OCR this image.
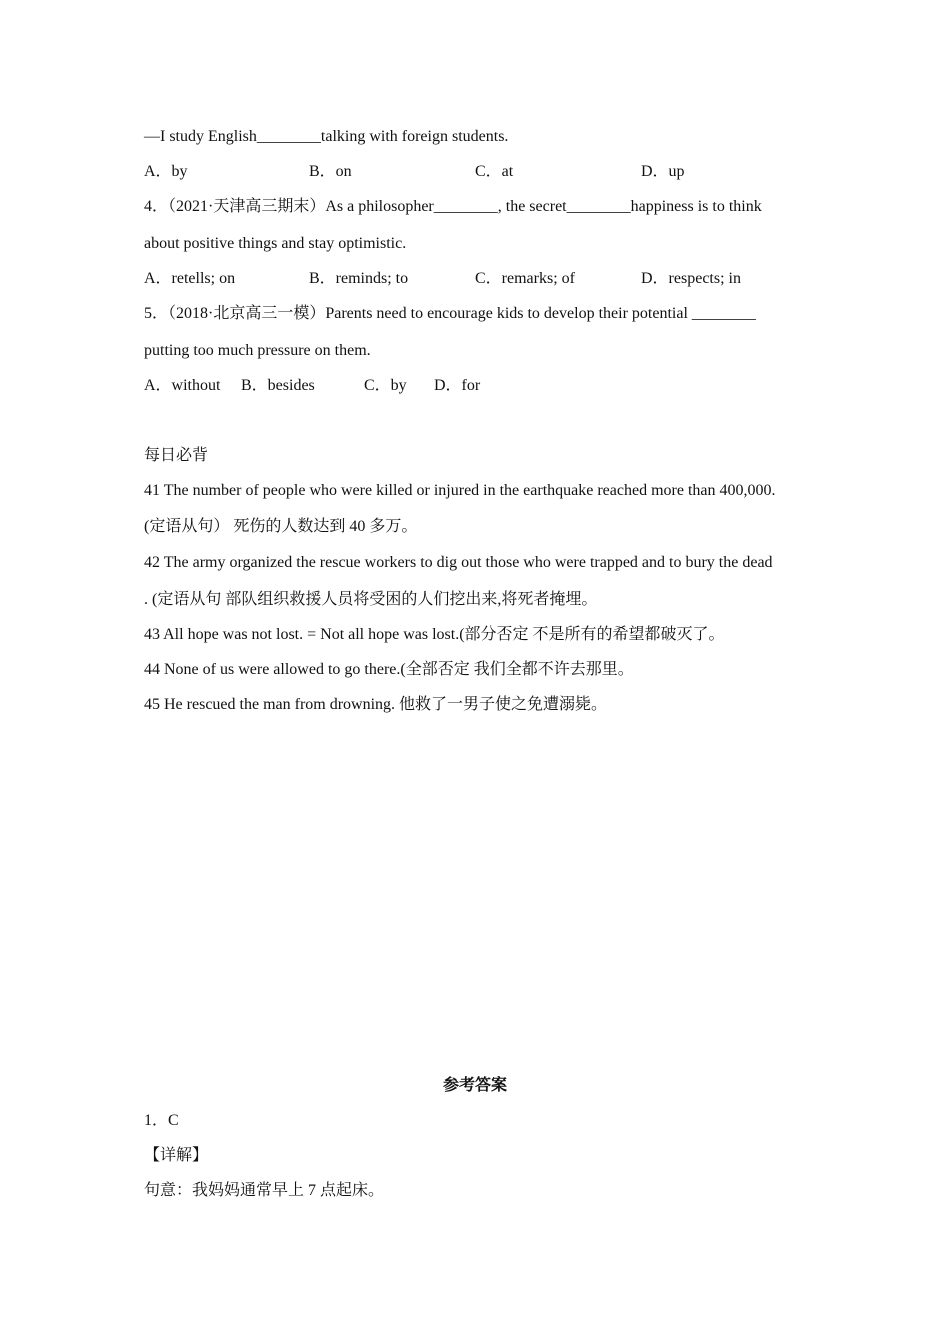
—I study English________talking with foreign students.
A．by	B．on	C．at	D．up
4．（2021·天津高三期末）As a philosopher________, the secret________happiness is to think
about positive things and stay optimistic.
A．retells; on	B．reminds; to	C．remarks; of	D．respects; in
5．（2018·北京高三一模）Parents need to encourage kids to develop their potential ________
putting too much pressure on them.
A．without B．besides	C．by D．for
每日必背
41 The number of people who were killed or injured in the earthquake reached more than 400,000.
(定语从句） 死伤的人数达到 40 多万。
42 The army organized the rescue workers to dig out those who were trapped and to bury the dead
. (定语从句 部队组织救援人员将受困的人们挖出来,将死者掩埋。
43 All hope was not lost. = Not all hope was lost.(部分否定 不是所有的希望都破灭了。
44 None of us were allowed to go there.(全部否定 我们全都不许去那里。
45 He rescued the man from drowning. 他救了一男子使之免遭溺毙。
参考答案
1．C
【详解】
句意：我妈妈通常早上 7 点起床。
